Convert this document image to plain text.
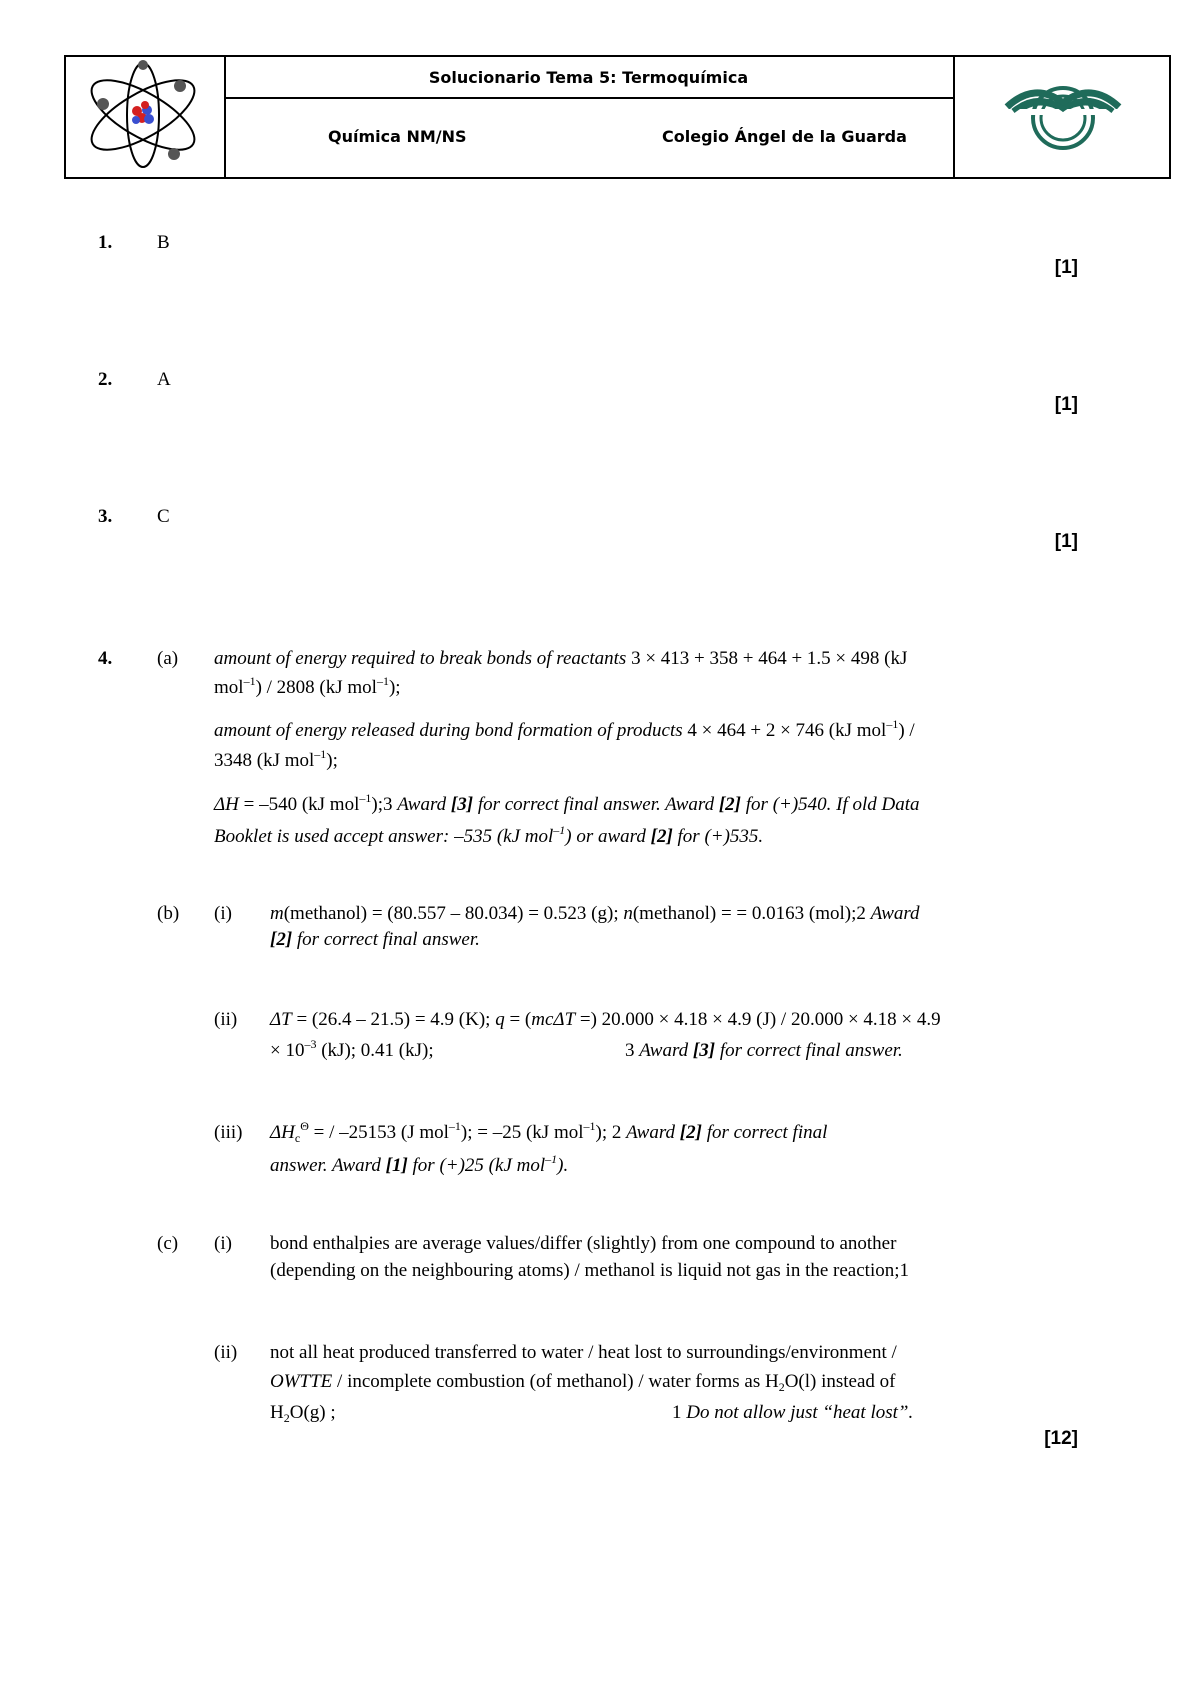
Solucionario Tema 5: Termoquímica
Química NM/NS	Colegio Ángel de la Guarda
1. B
[1]
2. A
[1]
3. C
[1]
4. (a) amount of energy required to break bonds of reactants 3 × 413 + 358 + 464 + 1.5 × 498 (kJ
mol$^{-1}$) / 2808 (kJ mol$^{-1}$);
amount of energy released during bond formation of products 4 × 464 + 2 × 746 (kJ mol$^{-1}$) /
3348 (kJ mol$^{-1}$);
ΔH = –540 (kJ mol$^{-1}$);3 Award [3] for correct final answer. Award [2] for (+)540. If old Data
Booklet is used accept answer: –535 (kJ mol$^{-1}$) or award [2] for (+)535.
(b) (i) m(methanol) = (80.557 – 80.034) = 0.523 (g); n(methanol) = = 0.0163 (mol);2 Award
[2] for correct final answer.
(ii) ΔT = (26.4 – 21.5) = 4.9 (K); q = (mcΔT =) 20.000 × 4.18 × 4.9 (J) / 20.000 × 4.18 × 4.9
× $10^{-3}$ (kJ); 0.41 (kJ);	3 Award [3] for correct final answer.
(iii) $\Delta H_c^\Theta$ = / –25153 (J mol$^{-1}$); = –25 (kJ mol$^{-1}$); 2 Award [2] for correct final
answer. Award [1] for (+)25 (kJ mol$^{-1}$).
(c) (i) bond enthalpies are average values/differ (slightly) from one compound to another
(depending on the neighbouring atoms) / methanol is liquid not gas in the reaction;1
(ii) not all heat produced transferred to water / heat lost to surroundings/environment /
OWTTE / incomplete combustion (of methanol) / water forms as $H_2O(l)$ instead of
$H_2O(g)$ ;	1 Do not allow just “heat lost”.
[12]
